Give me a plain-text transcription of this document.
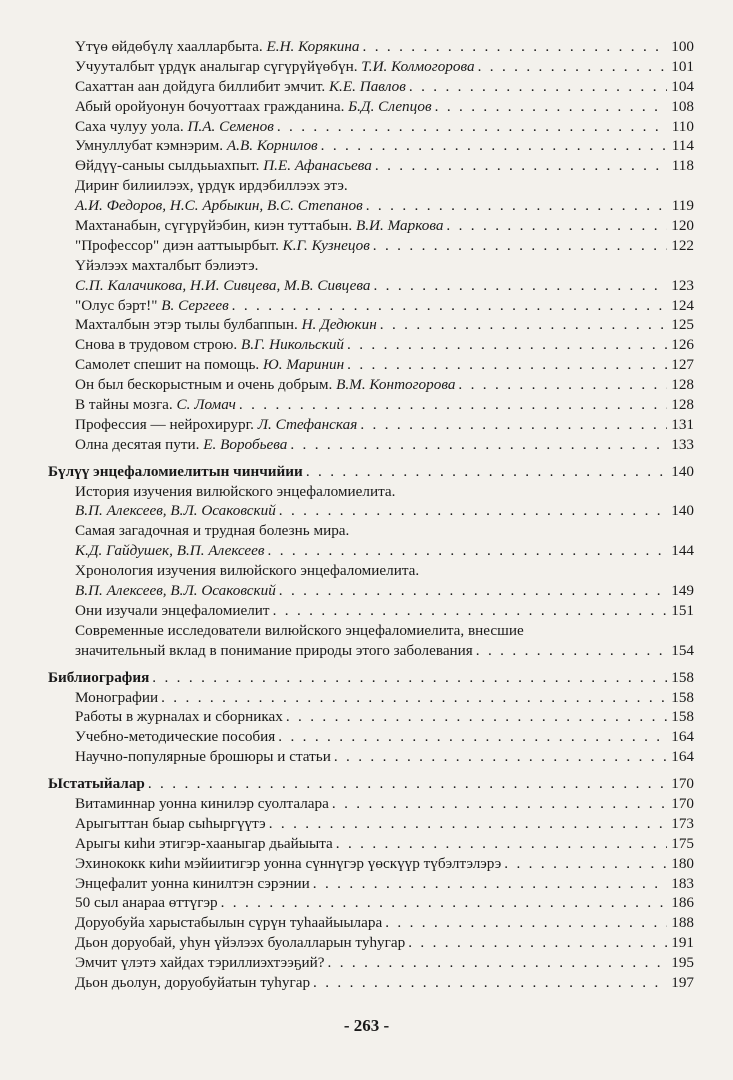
Үтүө өйдөбүлү хаалларбыта. Е.Н. Корякина . . .	100
Учууталбыт үрдүк аналыгар сүгүрүйүөбүн. Т.И. Колмогорова . . .	101
Сахаттан аан дойдуга биллибит эмчит. К.Е. Павлов . . .	104
Абый оройуонун бочуоттаах гражданина. Б.Д. Слепцов . . .	108
Саха чулуу уола. П.А. Семенов . . .	110
Умнуллубат кэмнэрим. А.В. Корнилов . . .	114
Өйдүү-саныы сылдьыахпыт. П.Е. Афанасьева . . .	118
Дириҥ билиилээх, үрдүк ирдэбиллээх этэ.
А.И. Федоров, Н.С. Арбыкин, В.С. Степанов . . .	119
Махтанабын, сүгүрүйэбин, киэн туттабын. В.И. Маркова . . .	120
"Профессор" диэн ааттыырбыт. К.Г. Кузнецов . . .	122
Үйэлээх махталбыт бэлиэтэ.
С.П. Калачикова, Н.И. Сивцева, М.В. Сивцева . . .	123
"Олус бэрт!" В. Сергеев . . .	124
Махталбын этэр тылы булбаппын. Н. Дедюкин . . .	125
Снова в трудовом строю. В.Г. Никольский . . .	126
Самолет спешит на помощь. Ю. Маринин . . .	127
Он был бескорыстным и очень добрым. В.М. Контогорова . . .	128
В тайны мозга. С. Ломач . . .	128
Профессия — нейрохирург. Л. Стефанская . . .	131
Олна десятая пути. Е. Воробьева . . .	133
Бүлүү энцефаломиелитын чинчийии . . .	140
История изучения вилюйского энцефаломиелита.
В.П. Алексеев, В.Л. Осаковский . . .	140
Самая загадочная и трудная болезнь мира.
К.Д. Гайдушек, В.П. Алексеев . . .	144
Хронология изучения вилюйского энцефаломиелита.
В.П. Алексеев, В.Л. Осаковский . . .	149
Они изучали энцефаломиелит . . .	151
Современные исследователи вилюйского энцефаломиелита, внесшие
значительный вклад в понимание природы этого заболевания . . .	154
Библиография . . .	158
Монографии . . .	158
Работы в журналах и сборниках . . .	158
Учебно-методические пособия . . .	164
Научно-популярные брошюры и статьи . . .	164
Ыстатыйалар . . .	170
Витаминнар уонна кинилэр суолталара . . .	170
Арыгыттан быар сыһыргүүтэ . . .	173
Арыгы киһи этигэр-хааныгар дьайыыта . . .	175
Эхинококк киһи мэйиитигэр уонна сүннүгэр үөскүүр түбэлтэлэрэ . . .	180
Энцефалит уонна кинилтэн сэрэнии . . .	183
50 сыл анараа өттүгэр . . .	186
Доруобуйа харыстабылын сүрүн туһаайыылара . . .	188
Дьон доруобай, уһун үйэлээх буолалларын туһугар . . .	191
Эмчит үлэтэ хайдах тэриллиэхтээҕий? . . .	195
Дьон дьолун, доруобуйатын туһугар . . .	197
- 263 -
